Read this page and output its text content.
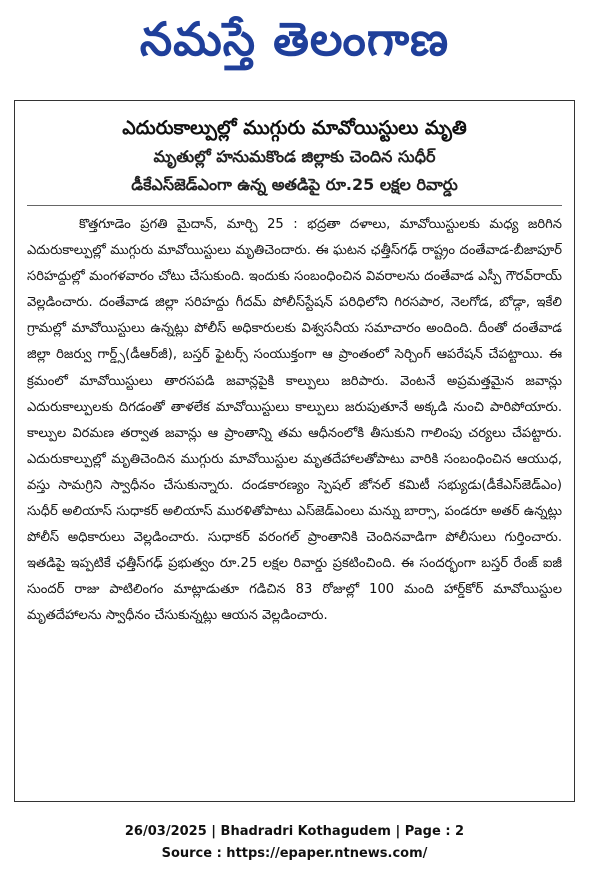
నమస్తే తెలంగాణ
ఎదురుకాల్పుల్లో ముగ్గురు మావోయిస్టులు మృతి
మృతుల్లో హనుమకొండ జిల్లాకు చెందిన సుధీర్
డీకేఎస్‌జెడ్‌ఎంగా ఉన్న అతడిపై రూ.25 లక్షల రివార్డు

కొత్తగూడెం ప్రగతి మైదాన్, మార్చి 25 : భద్రతా దళాలు, మావోయిస్టులకు మధ్య జరిగిన ఎదురుకాల్పుల్లో ముగ్గురు మావోయిస్టులు మృతిచెందారు. ఈ ఘటన ఛత్తీస్‌గఢ్ రాష్ట్రం దంతేవాడ-బీజాపూర్ సరిహద్దుల్లో మంగళవారం చోటు చేసుకుంది. ఇందుకు సంబంధించిన వివరాలను దంతేవాడ ఎస్పీ గౌరవ్‌రాయ్ వెల్లడించారు. దంతేవాడ జిల్లా సరిహద్దు గీదమ్ పోలీస్‌స్టేషన్ పరిధిలోని గిరసపార, నెలగోడ, బోడ్గా, ఇకేలి గ్రామల్లో మావోయిస్టులు ఉన్నట్లు పోలీస్ అధికారులకు విశ్వసనీయ సమాచారం అందింది. దీంతో దంతేవాడ జిల్లా రిజర్వు గార్డ్స్(డీఆర్‌జీ), బస్తర్ ఫైటర్స్ సంయుక్తంగా ఆ ప్రాంతంలో సెర్చింగ్ ఆపరేషన్ చేపట్టాయి. ఈ క్రమంలో మావోయిస్టులు తారసపడి జవాన్లపైకి కాల్పులు జరిపారు. వెంటనే అప్రమత్తమైన జవాన్లు ఎదురుకాల్పులకు దిగడంతో తాళలేక మావోయిస్టులు కాల్పులు జరుపుతూనే అక్కడి నుంచి పారిపోయారు. కాల్పుల విరమణ తర్వాత జవాన్లు ఆ ప్రాంతాన్ని తమ ఆధీనంలోకి తీసుకుని గాలింపు చర్యలు చేపట్టారు. ఎదురుకాల్పుల్లో మృతిచెందిన ముగ్గురు మావోయిస్టుల మృతదేహాలతోపాటు వారికి సంబంధించిన ఆయుధ, వస్తు సామగ్రిని స్వాధీనం చేసుకున్నారు. దండకారణ్యం స్పెషల్ జోనల్ కమిటీ సభ్యుడు(డీకేఎస్‌జెడ్‌ఎం) సుధీర్ అలియాస్ సుధాకర్ అలియాస్ మురళితోపాటు ఎస్‌జెడ్‌ఎంలు మన్ను బార్సా, పండరూ అతర్ ఉన్నట్లు పోలీస్ అధికారులు వెల్లడించారు. సుధాకర్ వరంగల్ ప్రాంతానికి చెందినవాడిగా పోలీసులు గుర్తించారు. ఇతడిపై ఇప్పటికే ఛత్తీస్‌గఢ్ ప్రభుత్వం రూ.25 లక్షల రివార్డు ప్రకటించింది. ఈ సందర్భంగా బస్తర్ రేంజ్ ఐజీ సుందర్ రాజు పాటిలింగం మాట్లాడుతూ గడిచిన 83 రోజుల్లో 100 మంది హార్డ్‌కోర్ మావోయిస్టుల మృతదేహాలను స్వాధీనం చేసుకున్నట్లు ఆయన వెల్లడించారు.

26/03/2025 | Bhadradri Kothagudem | Page : 2
Source : https://epaper.ntnews.com/
